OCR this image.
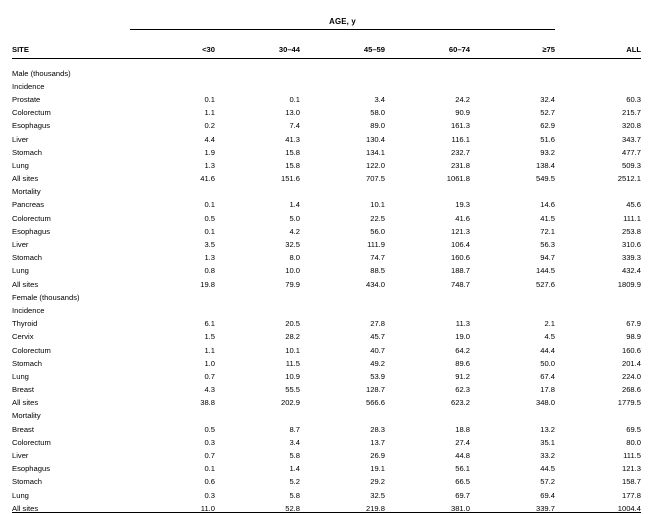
	AGE, y					

SITE	<30	30–44	45–59	60–74	≥75	ALL

Male (thousands)						
Incidence						
Prostate	0.1	0.1	3.4	24.2	32.4	60.3
Colorectum	1.1	13.0	58.0	90.9	52.7	215.7
Esophagus	0.2	7.4	89.0	161.3	62.9	320.8
Liver	4.4	41.3	130.4	116.1	51.6	343.7
Stomach	1.9	15.8	134.1	232.7	93.2	477.7
Lung	1.3	15.8	122.0	231.8	138.4	509.3
All sites	41.6	151.6	707.5	1061.8	549.5	2512.1
Mortality						
Pancreas	0.1	1.4	10.1	19.3	14.6	45.6
Colorectum	0.5	5.0	22.5	41.6	41.5	111.1
Esophagus	0.1	4.2	56.0	121.3	72.1	253.8
Liver	3.5	32.5	111.9	106.4	56.3	310.6
Stomach	1.3	8.0	74.7	160.6	94.7	339.3
Lung	0.8	10.0	88.5	188.7	144.5	432.4
All sites	19.8	79.9	434.0	748.7	527.6	1809.9
Female (thousands)						
Incidence						
Thyroid	6.1	20.5	27.8	11.3	2.1	67.9
Cervix	1.5	28.2	45.7	19.0	4.5	98.9
Colorectum	1.1	10.1	40.7	64.2	44.4	160.6
Stomach	1.0	11.5	49.2	89.6	50.0	201.4
Lung	0.7	10.9	53.9	91.2	67.4	224.0
Breast	4.3	55.5	128.7	62.3	17.8	268.6
All sites	38.8	202.9	566.6	623.2	348.0	1779.5
Mortality						
Breast	0.5	8.7	28.3	18.8	13.2	69.5
Colorectum	0.3	3.4	13.7	27.4	35.1	80.0
Liver	0.7	5.8	26.9	44.8	33.2	111.5
Esophagus	0.1	1.4	19.1	56.1	44.5	121.3
Stomach	0.6	5.2	29.2	66.5	57.2	158.7
Lung	0.3	5.8	32.5	69.7	69.4	177.8
All sites	11.0	52.8	219.8	381.0	339.7	1004.4
